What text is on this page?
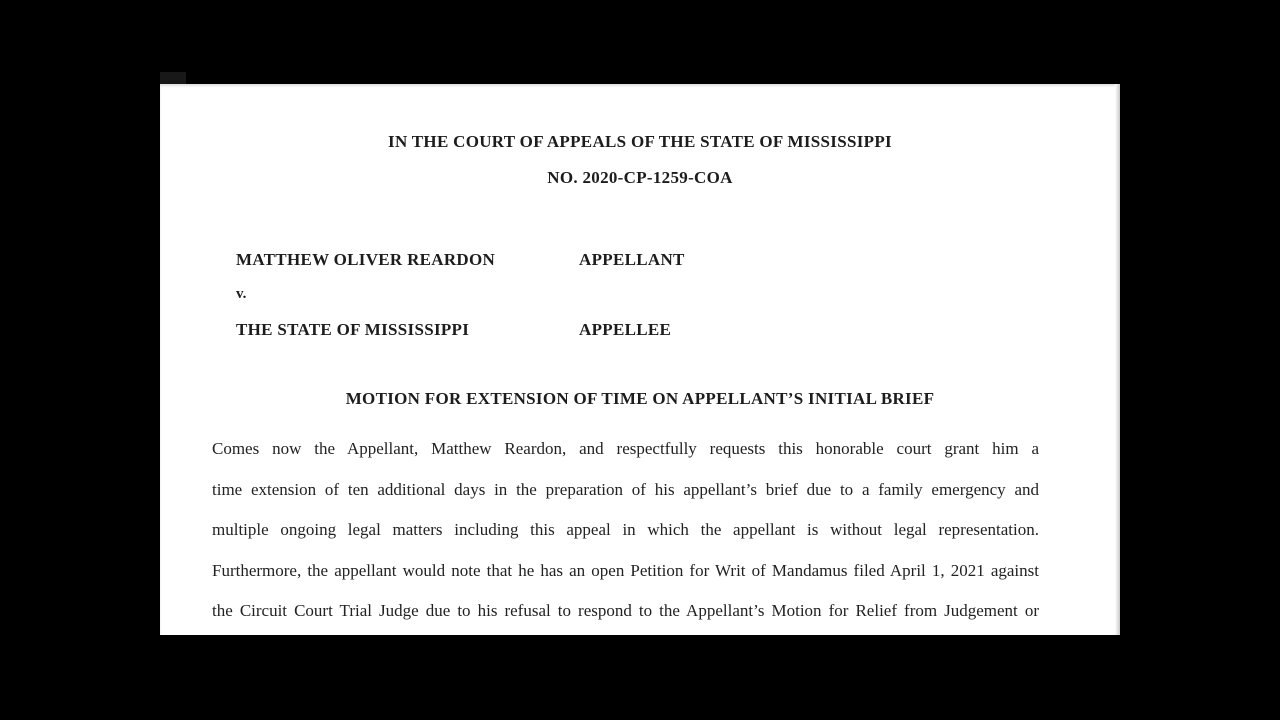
IN THE COURT OF APPEALS OF THE STATE OF MISSISSIPPI
NO. 2020-CP-1259-COA
MATTHEW OLIVER REARDON	APPELLANT
v.
THE STATE OF MISSISSIPPI	APPELLEE
MOTION FOR EXTENSION OF TIME ON APPELLANT’S INITIAL BRIEF
Comes now the Appellant, Matthew Reardon, and respectfully requests this honorable court grant him a
time extension of ten additional days in the preparation of his appellant’s brief due to a family emergency and
multiple ongoing legal matters including this appeal in which the appellant is without legal representation.
Furthermore, the appellant would note that he has an open Petition for Writ of Mandamus filed April 1, 2021 against
the Circuit Court Trial Judge due to his refusal to respond to the Appellant’s Motion for Relief from Judgement or
